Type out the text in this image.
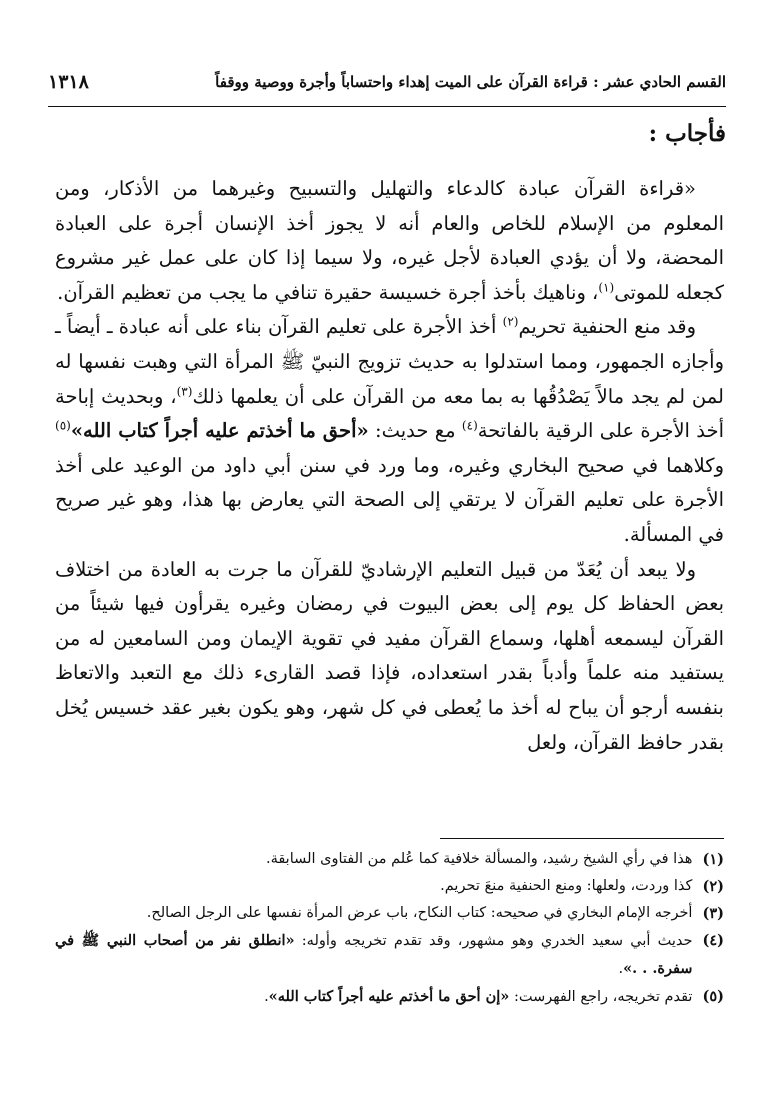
١٣١٨	القسم الحادي عشر : قراءة القرآن على الميت إهداء واحتساباً وأجرة ووصية ووقفاً
فأجاب :

«قراءة القرآن عبادة كالدعاء والتهليل والتسبيح وغيرهما من الأذكار، ومن المعلوم من الإسلام للخاص والعام أنه لا يجوز أخذ الإنسان أجرة على العبادة المحضة، ولا أن يؤدي العبادة لأجل غيره، ولا سيما إذا كان على عمل غير مشروع كجعله للموتى$^{(١)}$، وناهيك بأخذ أجرة خسيسة حقيرة تنافي ما يجب من تعظيم القرآن.

وقد منع الحنفية تحريم$^{(٢)}$ أخذ الأجرة على تعليم القرآن بناء على أنه عبادة ـ أيضاً ـ وأجازه الجمهور، ومما استدلوا به حديث تزويج النبيّ ﷺ المرأة التي وهبت نفسها له لمن لم يجد مالاً يَصْدُقُها به بما معه من القرآن على أن يعلمها ذلك$^{(٣)}$، وبحديث إباحة أخذ الأجرة على الرقية بالفاتحة$^{(٤)}$ مع حديث: «أحق ما أخذتم عليه أجراً كتاب الله»$^{(٥)}$ وكلاهما في صحيح البخاري وغيره، وما ورد في سنن أبي داود من الوعيد على أخذ الأجرة على تعليم القرآن لا يرتقي إلى الصحة التي يعارض بها هذا، وهو غير صريح في المسألة.

ولا يبعد أن يُعَدّ من قبيل التعليم الإرشاديّ للقرآن ما جرت به العادة من اختلاف بعض الحفاظ كل يوم إلى بعض البيوت في رمضان وغيره يقرأون فيها شيئاً من القرآن ليسمعه أهلها، وسماع القرآن مفيد في تقوية الإيمان ومن السامعين له من يستفيد منه علماً وأدباً بقدر استعداده، فإذا قصد القارىء ذلك مع التعبد والاتعاظ بنفسه أرجو أن يباح له أخذ ما يُعطى في كل شهر، وهو يكون بغير عقد خسيس يُخل بقدر حافظ القرآن، ولعل

(١)
هذا في رأي الشيخ رشيد، والمسألة خلافية كما عُلم من الفتاوى السابقة.
(٢)
كذا وردت، ولعلها: ومنع الحنفية منعَ تحريم.
(٣)
أخرجه الإمام البخاري في صحيحه: كتاب النكاح، باب عرض المرأة نفسها على الرجل الصالح.
(٤)
حديث أبي سعيد الخدري وهو مشهور، وقد تقدم تخريجه وأوله: «انطلق نفر من أصحاب النبي ﷺ في سفرة. . .».
(٥)
تقدم تخريجه، راجع الفهرست: «إن أحق ما أخذتم عليه أجراً كتاب الله».
